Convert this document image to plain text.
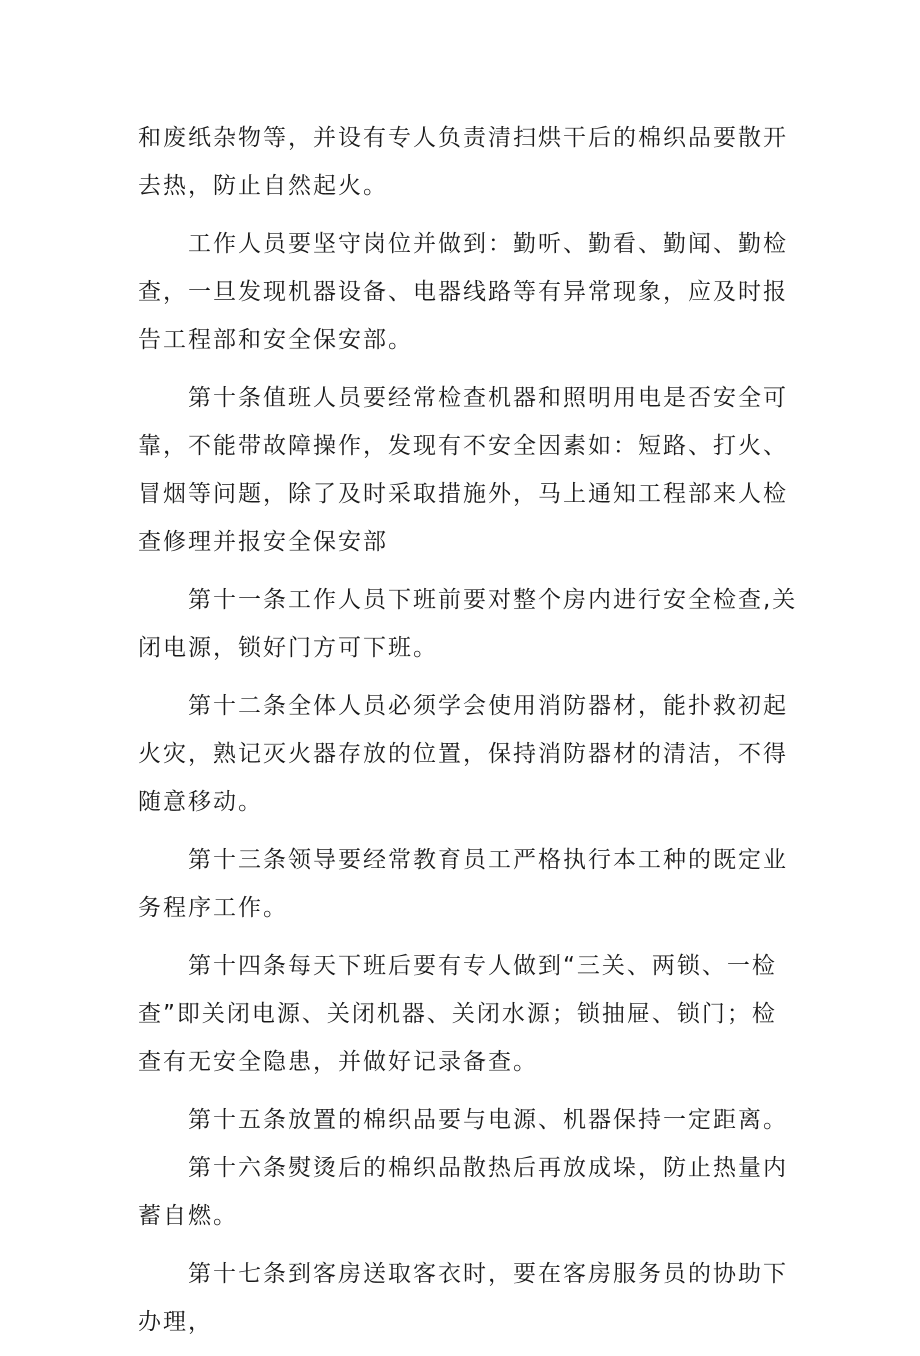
和废纸杂物等，并设有专人负责清扫烘干后的棉织品要散开去热，防止自然起火。

工作人员要坚守岗位并做到：勤听、勤看、勤闻、勤检查，一旦发现机器设备、电器线路等有异常现象，应及时报告工程部和安全保安部。

第十条值班人员要经常检查机器和照明用电是否安全可靠，不能带故障操作，发现有不安全因素如：短路、打火、冒烟等问题，除了及时采取措施外，马上通知工程部来人检查修理并报安全保安部

第十一条工作人员下班前要对整个房内进行安全检查,关闭电源，锁好门方可下班。

第十二条全体人员必须学会使用消防器材，能扑救初起火灾，熟记灭火器存放的位置，保持消防器材的清洁，不得随意移动。

第十三条领导要经常教育员工严格执行本工种的既定业务程序工作。

第十四条每天下班后要有专人做到“三关、两锁、一检查”即关闭电源、关闭机器、关闭水源；锁抽屉、锁门；检查有无安全隐患，并做好记录备查。

第十五条放置的棉织品要与电源、机器保持一定距离。

第十六条熨烫后的棉织品散热后再放成垛，防止热量内蓄自燃。

第十七条到客房送取客衣时，要在客房服务员的协助下办理，
